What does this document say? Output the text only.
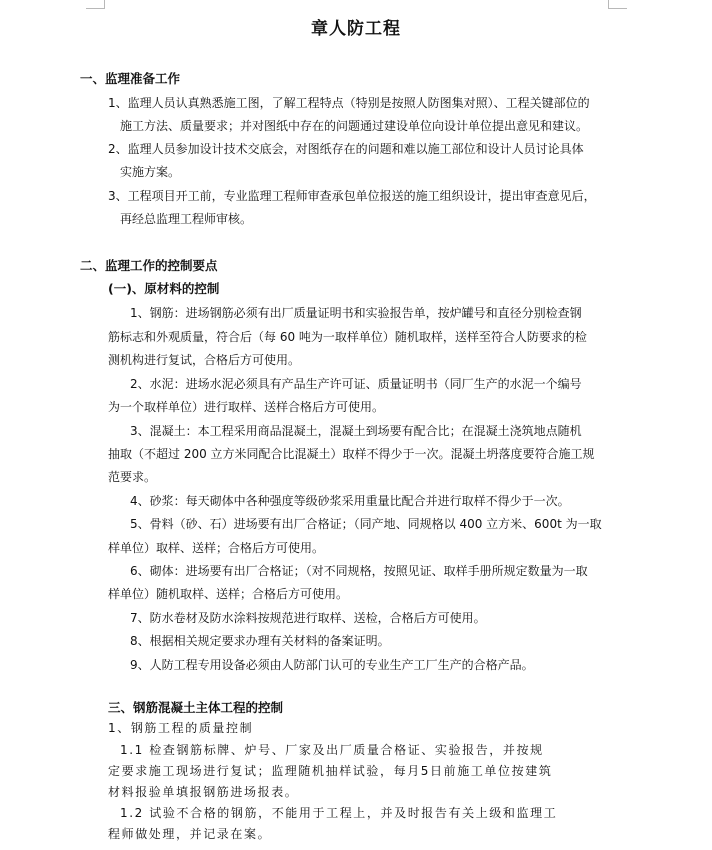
章人防工程
一、监理准备工作
1、监理人员认真熟悉施工图，了解工程特点（特别是按照人防图集对照）、工程关键部位的
施工方法、质量要求；并对图纸中存在的问题通过建设单位向设计单位提出意见和建议。
2、监理人员参加设计技术交底会，对图纸存在的问题和难以施工部位和设计人员讨论具体
实施方案。
3、工程项目开工前，专业监理工程师审查承包单位报送的施工组织设计，提出审查意见后，
再经总监理工程师审核。
二、监理工作的控制要点
(一)、原材料的控制
1、钢筋：进场钢筋必须有出厂质量证明书和实验报告单，按炉罐号和直径分别检查钢
筋标志和外观质量，符合后（每 60 吨为一取样单位）随机取样，送样至符合人防要求的检
测机构进行复试，合格后方可使用。
2、水泥：进场水泥必须具有产品生产许可证、质量证明书（同厂生产的水泥一个编号
为一个取样单位）进行取样、送样合格后方可使用。
3、混凝土：本工程采用商品混凝土，混凝土到场要有配合比；在混凝土浇筑地点随机
抽取（不超过 200 立方米同配合比混凝土）取样不得少于一次。混凝土坍落度要符合施工规
范要求。
4、砂浆：每天砌体中各种强度等级砂浆采用重量比配合并进行取样不得少于一次。
5、骨料（砂、石）进场要有出厂合格证；（同产地、同规格以 400 立方米、600t 为一取
样单位）取样、送样；合格后方可使用。
6、砌体：进场要有出厂合格证；（对不同规格，按照见证、取样手册所规定数量为一取
样单位）随机取样、送样；合格后方可使用。
7、防水卷材及防水涂料按规范进行取样、送检，合格后方可使用。
8、根据相关规定要求办理有关材料的备案证明。
9、人防工程专用设备必须由人防部门认可的专业生产工厂生产的合格产品。
三、钢筋混凝土主体工程的控制
1、钢筋工程的质量控制
1.1 检查钢筋标牌、炉号、厂家及出厂质量合格证、实验报告，并按规
定要求施工现场进行复试；监理随机抽样试验，每月5日前施工单位按建筑
材料报验单填报钢筋进场报表。
1.2 试验不合格的钢筋，不能用于工程上，并及时报告有关上级和监理工
程师做处理，并记录在案。
